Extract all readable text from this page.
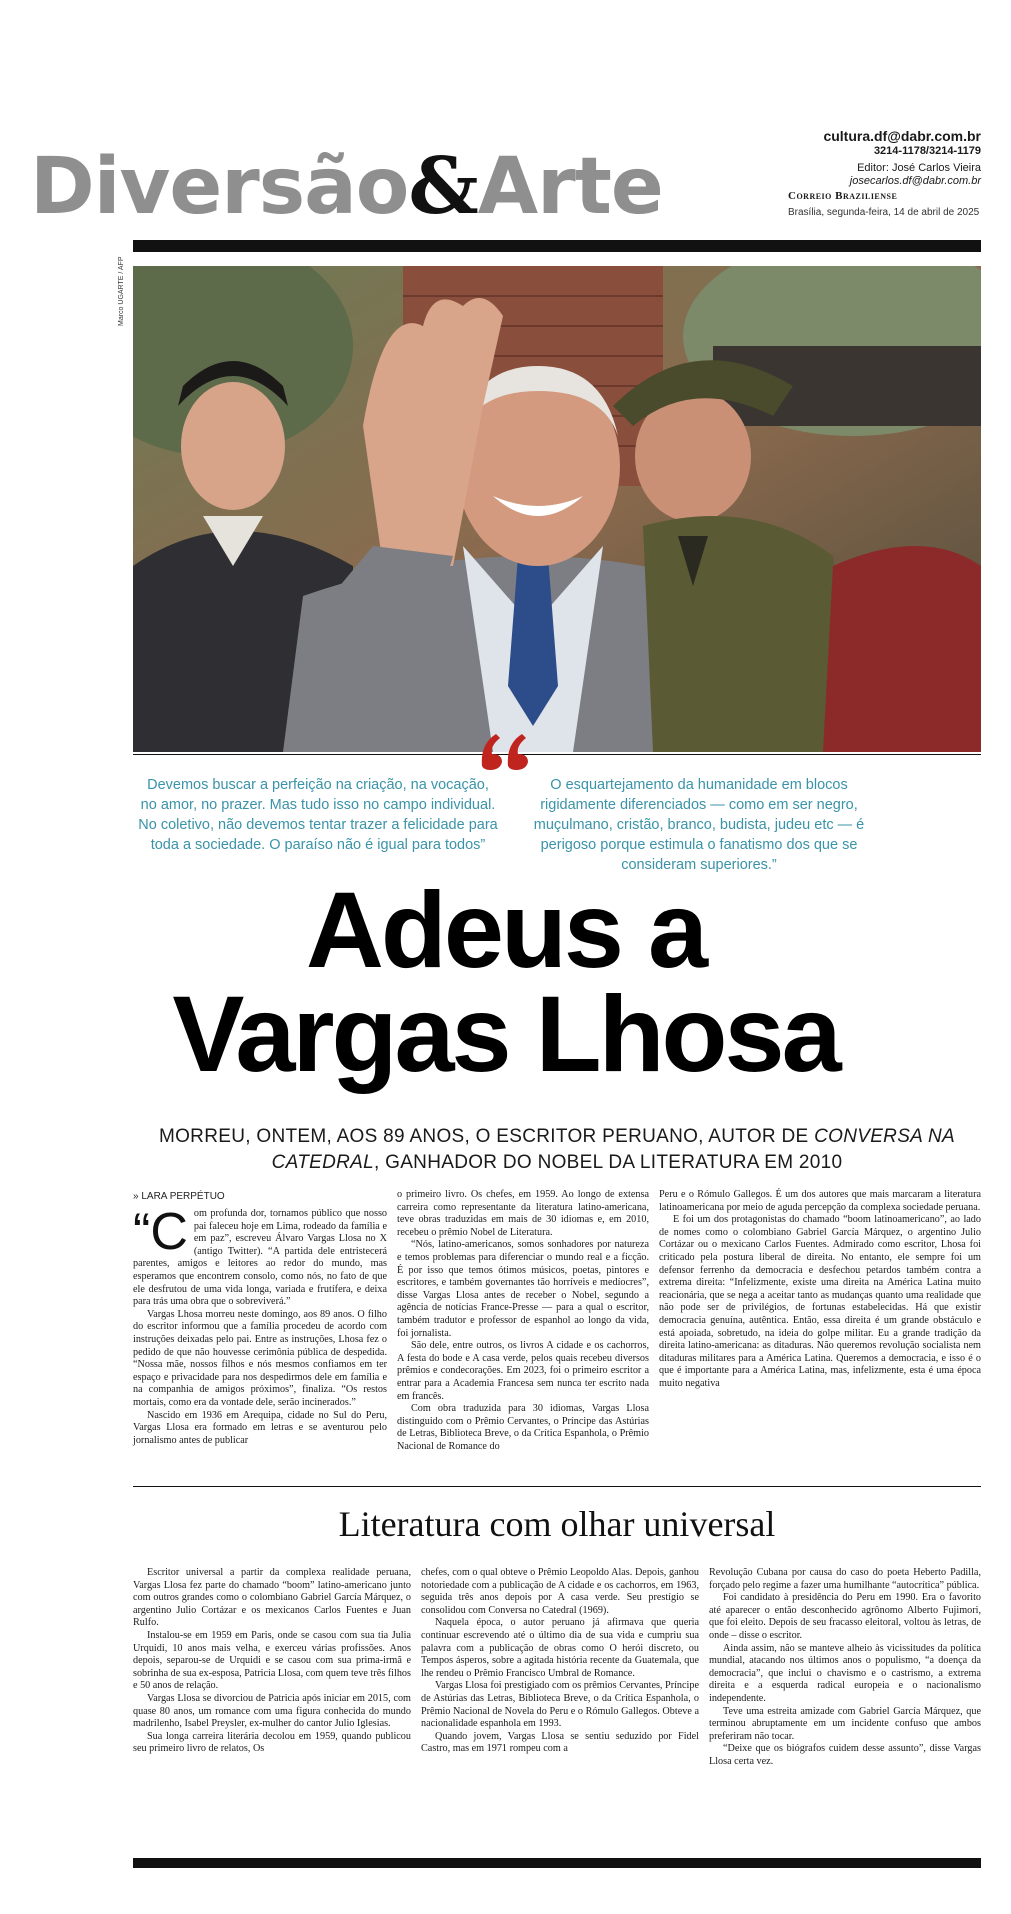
Diversão&Arte
cultura.df@dabr.com.br
3214-1178/3214-1179
Editor: José Carlos Vieira
josecarlos.df@dabr.com.br
Correio Braziliense
Brasília, segunda-feira, 14 de abril de 2025
Marco UGARTE / AFP
Devemos buscar a perfeição na criação, na vocação, no amor, no prazer. Mas tudo isso no campo individual. No coletivo, não devemos tentar trazer a felicidade para toda a sociedade. O paraíso não é igual para todos”
O esquartejamento da humanidade em blocos rigidamente diferenciados — como em ser negro, muçulmano, cristão, branco, budista, judeu etc — é perigoso porque estimula o fanatismo dos que se consideram superiores.”
Adeus a
Vargas Lhosa
MORREU, ONTEM, AOS 89 ANOS, O ESCRITOR PERUANO, AUTOR DE CONVERSA NA CATEDRAL, GANHADOR DO NOBEL DA LITERATURA EM 2010
» LARA PERPÉTUO
“C om profunda dor, tornamos público que nosso pai faleceu hoje em Lima, rodeado da família e em paz”, escreveu Álvaro Vargas Llosa no X (antigo Twitter). “A partida dele entristecerá parentes, amigos e leitores ao redor do mundo, mas esperamos que encontrem consolo, como nós, no fato de que ele desfrutou de uma vida longa, variada e frutífera, e deixa para trás uma obra que o sobreviverá.”

Vargas Lhosa morreu neste domingo, aos 89 anos. O filho do escritor informou que a família procedeu de acordo com instruções deixadas pelo pai. Entre as instruções, Lhosa fez o pedido de que não houvesse cerimônia pública de despedida. “Nossa mãe, nossos filhos e nós mesmos confiamos em ter espaço e privacidade para nos despedirmos dele em família e na companhia de amigos próximos”, finaliza. “Os restos mortais, como era da vontade dele, serão incinerados.”

Nascido em 1936 em Arequipa, cidade no Sul do Peru, Vargas Llosa era formado em letras e se aventurou pelo jornalismo antes de publicar

o primeiro livro. Os chefes, em 1959. Ao longo de extensa carreira como representante da literatura latino-americana, teve obras traduzidas em mais de 30 idiomas e, em 2010, recebeu o prêmio Nobel de Literatura.

“Nós, latino-americanos, somos sonhadores por natureza e temos problemas para diferenciar o mundo real e a ficção. É por isso que temos ótimos músicos, poetas, pintores e escritores, e também governantes tão horríveis e medíocres”, disse Vargas Llosa antes de receber o Nobel, segundo a agência de notícias France-Presse — para a qual o escritor, também tradutor e professor de espanhol ao longo da vida, foi jornalista.

São dele, entre outros, os livros A cidade e os cachorros, A festa do bode e A casa verde, pelos quais recebeu diversos prêmios e condecorações. Em 2023, foi o primeiro escritor a entrar para a Academia Francesa sem nunca ter escrito nada em francês.

Com obra traduzida para 30 idiomas, Vargas Llosa distinguido com o Prêmio Cervantes, o Príncipe das Astúrias de Letras, Biblioteca Breve, o da Crítica Espanhola, o Prêmio Nacional de Romance do

Peru e o Rómulo Gallegos. É um dos autores que mais marcaram a literatura latinoamericana por meio de aguda percepção da complexa sociedade peruana.

E foi um dos protagonistas do chamado “boom latinoamericano”, ao lado de nomes como o colombiano Gabriel García Márquez, o argentino Julio Cortázar ou o mexicano Carlos Fuentes. Admirado como escritor, Lhosa foi criticado pela postura liberal de direita. No entanto, ele sempre foi um defensor ferrenho da democracia e desfechou petardos também contra a extrema direita: “Infelizmente, existe uma direita na América Latina muito reacionária, que se nega a aceitar tanto as mudanças quanto uma realidade que não pode ser de privilégios, de fortunas estabelecidas. Há que existir democracia genuína, autêntica. Então, essa direita é um grande obstáculo e está apoiada, sobretudo, na ideia do golpe militar. Eu a grande tradição da direita latino-americana: as ditaduras. Não queremos revolução socialista nem ditaduras militares para a América Latina. Queremos a democracia, e isso é o que é importante para a América Latina, mas, infelizmente, esta é uma época muito negativa

Literatura com olhar universal

Escritor universal a partir da complexa realidade peruana, Vargas Llosa fez parte do chamado “boom” latino-americano junto com outros grandes como o colombiano Gabriel García Márquez, o argentino Julio Cortázar e os mexicanos Carlos Fuentes e Juan Rulfo.

Instalou-se em 1959 em Paris, onde se casou com sua tia Julia Urquidi, 10 anos mais velha, e exerceu várias profissões. Anos depois, separou-se de Urquidi e se casou com sua prima-irmã e sobrinha de sua ex-esposa, Patricia Llosa, com quem teve três filhos e 50 anos de relação.

Vargas Llosa se divorciou de Patricia após iniciar em 2015, com quase 80 anos, um romance com uma figura conhecida do mundo madrilenho, Isabel Preysler, ex-mulher do cantor Julio Iglesias.

Sua longa carreira literária decolou em 1959, quando publicou seu primeiro livro de relatos, Os

chefes, com o qual obteve o Prêmio Leopoldo Alas. Depois, ganhou notoriedade com a publicação de A cidade e os cachorros, em 1963, seguida três anos depois por A casa verde. Seu prestígio se consolidou com Conversa no Catedral (1969).

Naquela época, o autor peruano já afirmava que queria continuar escrevendo até o último dia de sua vida e cumpriu sua palavra com a publicação de obras como O herói discreto, ou Tempos ásperos, sobre a agitada história recente da Guatemala, que lhe rendeu o Prêmio Francisco Umbral de Romance.

Vargas Llosa foi prestigiado com os prêmios Cervantes, Príncipe de Astúrias das Letras, Biblioteca Breve, o da Crítica Espanhola, o Prêmio Nacional de Novela do Peru e o Rómulo Gallegos. Obteve a nacionalidade espanhola em 1993.

Quando jovem, Vargas Llosa se sentiu seduzido por Fidel Castro, mas em 1971 rompeu com a

Revolução Cubana por causa do caso do poeta Heberto Padilla, forçado pelo regime a fazer uma humilhante “autocrítica” pública.

Foi candidato à presidência do Peru em 1990. Era o favorito até aparecer o então desconhecido agrônomo Alberto Fujimori, que foi eleito. Depois de seu fracasso eleitoral, voltou às letras, de onde – disse o escritor.

Ainda assim, não se manteve alheio às vicissitudes da política mundial, atacando nos últimos anos o populismo, “a doença da democracia”, que inclui o chavismo e o castrismo, a extrema direita e a esquerda radical europeia e o nacionalismo independente.

Teve uma estreita amizade com Gabriel García Márquez, que terminou abruptamente em um incidente confuso que ambos preferiram não tocar.

“Deixe que os biógrafos cuidem desse assunto”, disse Vargas Llosa certa vez.
